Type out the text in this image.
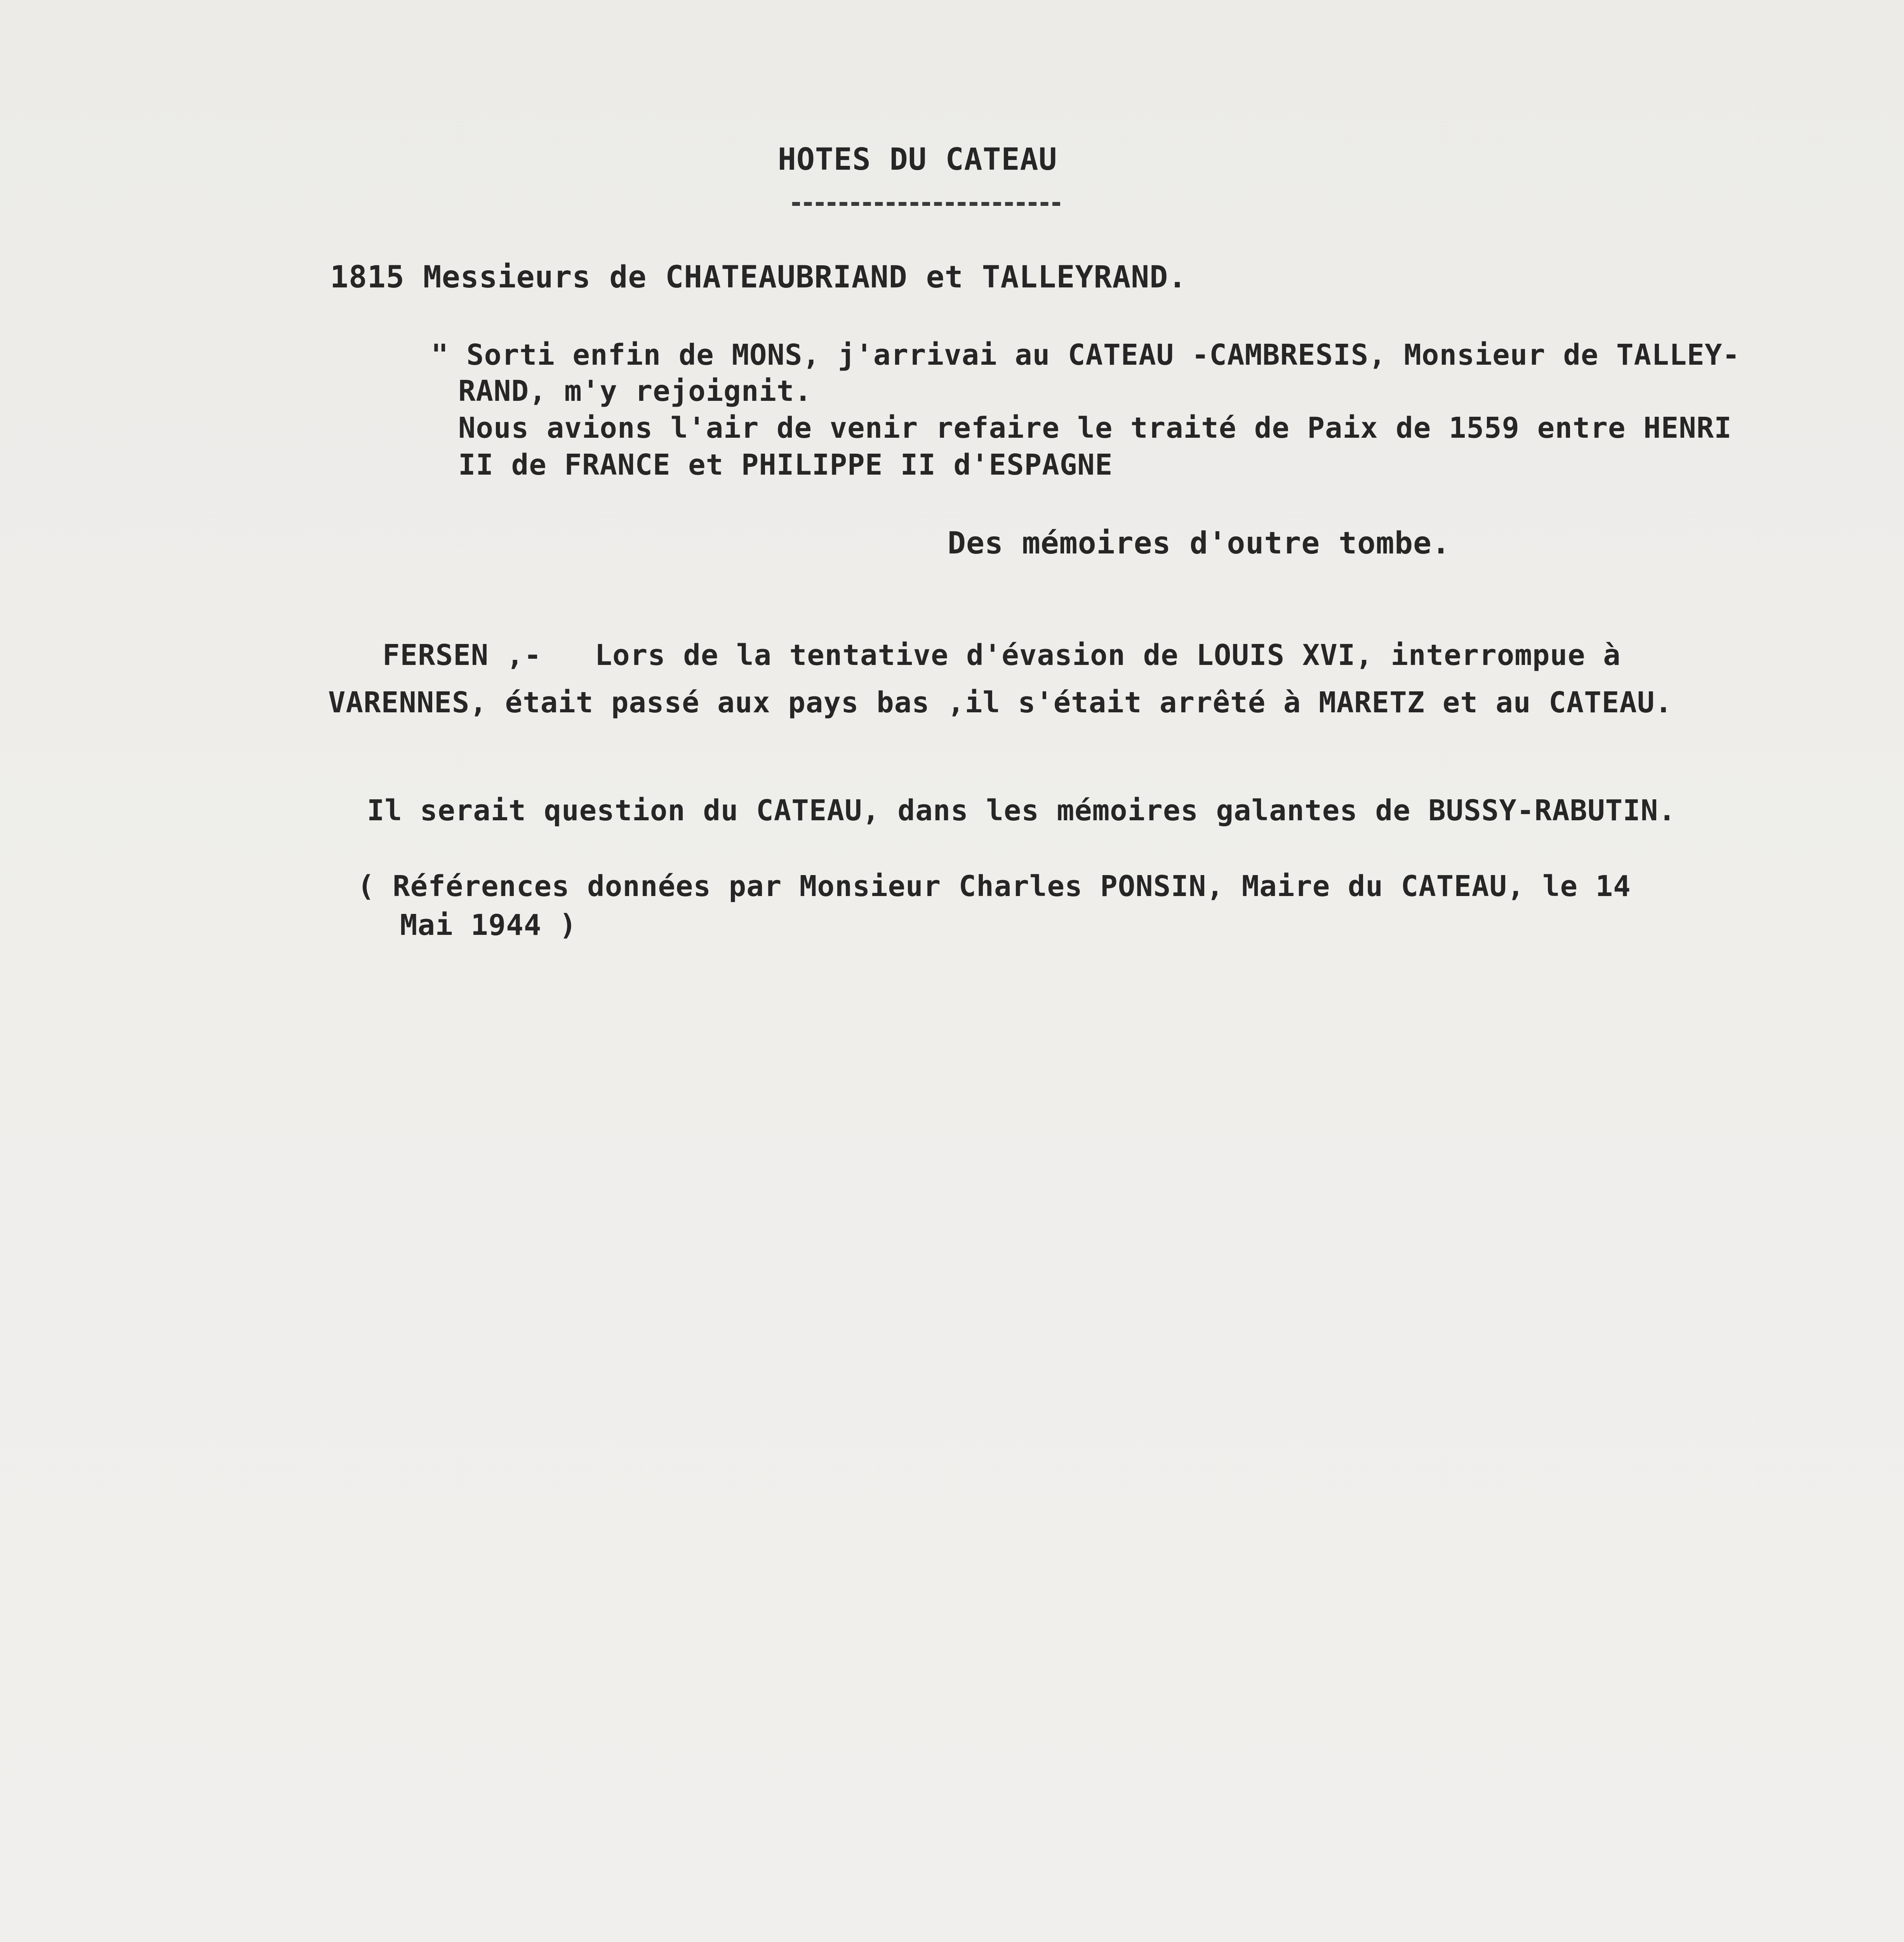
HOTES DU CATEAU
1815 Messieurs de CHATEAUBRIAND et TALLEYRAND.
" Sorti enfin de MONS, j'arrivai au CATEAU -CAMBRESIS, Monsieur de TALLEY-
RAND, m'y rejoignit.
Nous avions l'air de venir refaire le traité de Paix de 1559 entre HENRI
II de FRANCE et PHILIPPE II d'ESPAGNE
Des mémoires d'outre tombe.
FERSEN ,-   Lors de la tentative d'évasion de LOUIS XVI, interrompue à
VARENNES, était passé aux pays bas ,il s'était arrêté à MARETZ et au CATEAU.
Il serait question du CATEAU, dans les mémoires galantes de BUSSY-RABUTIN.
( Références données par Monsieur Charles PONSIN, Maire du CATEAU, le 14
Mai 1944 )
